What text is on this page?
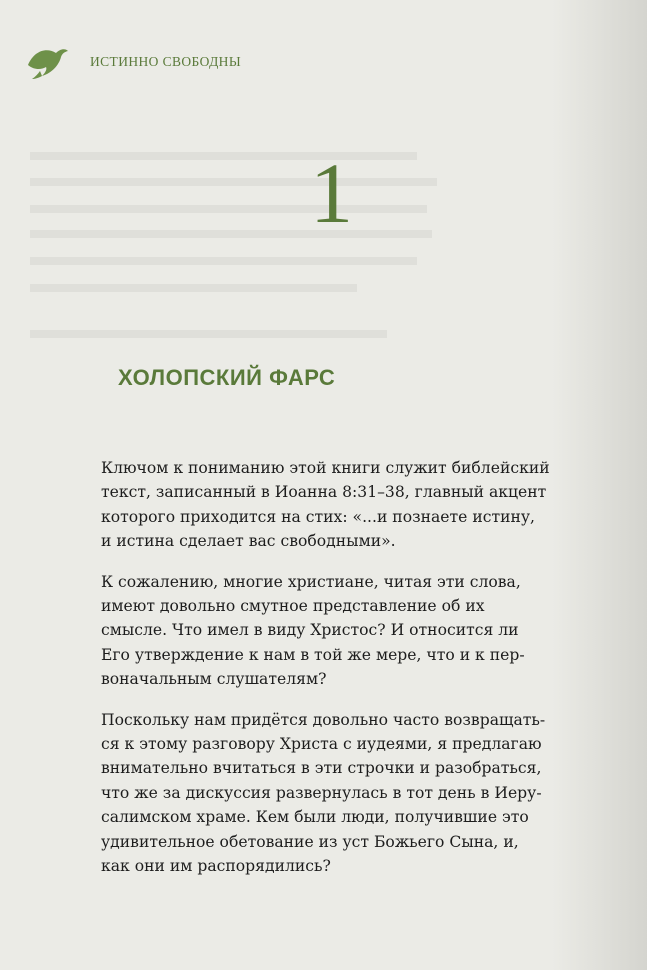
ИСТИННО СВОБОДНЫ
1
ХОЛОПСКИЙ ФАРС

Ключом к пониманию этой книги служит библейский
текст, записанный в Иоанна 8:31–38, главный акцент
которого приходится на стих: «...и познаете истину,
и истина сделает вас свободными».

К сожалению, многие христиане, читая эти слова,
имеют довольно смутное представление об их
смысле. Что имел в виду Христос? И относится ли
Его утверждение к нам в той же мере, что и к пер-
воначальным слушателям?

Поскольку нам придётся довольно часто возвращать-
ся к этому разговору Христа с иудеями, я предлагаю
внимательно вчитаться в эти строчки и разобраться,
что же за дискуссия развернулась в тот день в Иеру-
салимском храме. Кем были люди, получившие это
удивительное обетование из уст Божьего Сына, и,
как они им распорядились?
